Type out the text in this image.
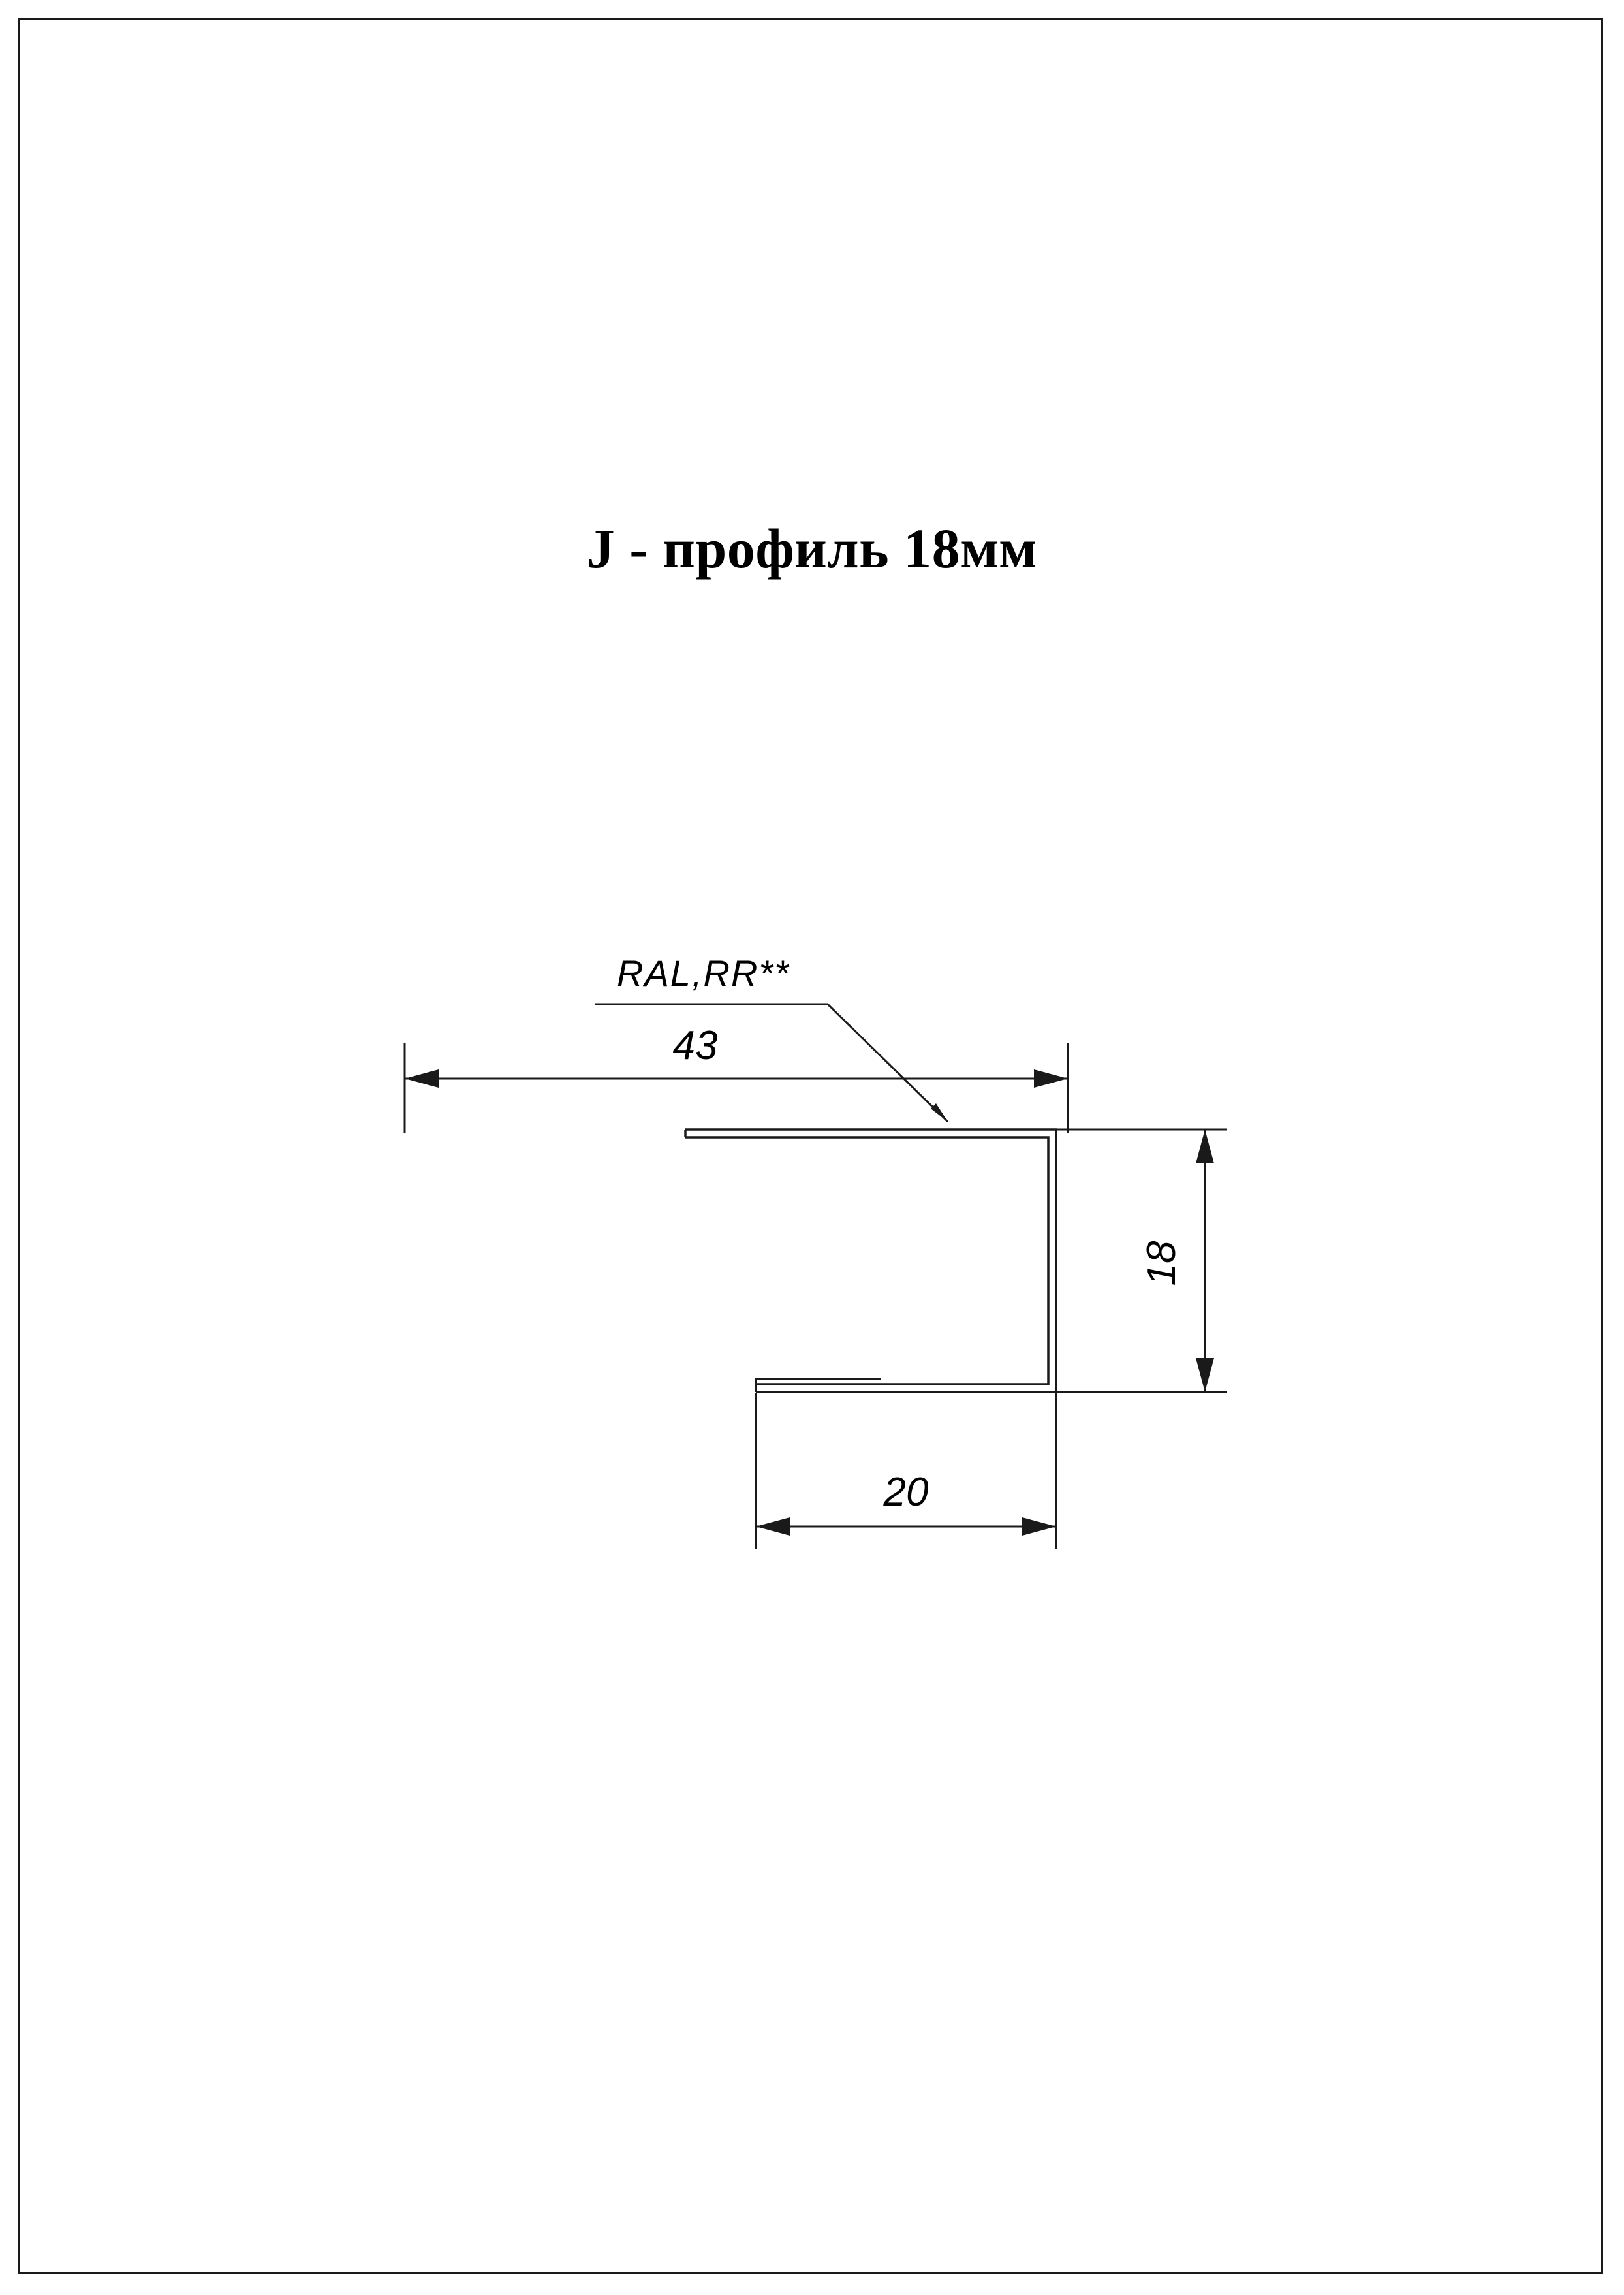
J - профиль 18мм
RAL,RR**
43
18
20
